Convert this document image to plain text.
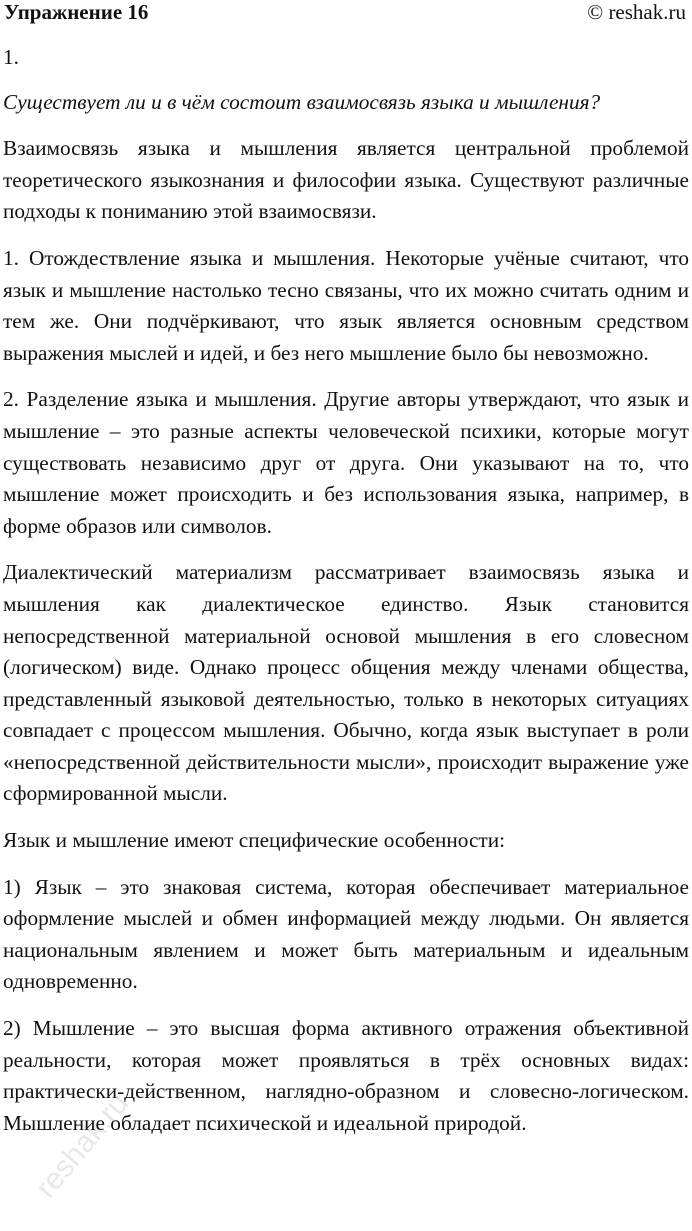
Упражнение 16	© reshak.ru

1.

Существует ли и в чём состоит взаимосвязь языка и мышления?

Взаимосвязь языка и мышления является центральной проблемой теоретического языкознания и философии языка. Существуют различные подходы к пониманию этой взаимосвязи.

1. Отождествление языка и мышления. Некоторые учёные считают, что язык и мышление настолько тесно связаны, что их можно считать одним и тем же. Они подчёркивают, что язык является основным средством выражения мыслей и идей, и без него мышление было бы невозможно.

2. Разделение языка и мышления. Другие авторы утверждают, что язык и мышление – это разные аспекты человеческой психики, которые могут существовать независимо друг от друга. Они указывают на то, что мышление может происходить и без использования языка, например, в форме образов или символов.

Диалектический материализм рассматривает взаимосвязь языка и мышления как диалектическое единство. Язык становится непосредственной материальной основой мышления в его словесном (логическом) виде. Однако процесс общения между членами общества, представленный языковой деятельностью, только в некоторых ситуациях совпадает с процессом мышления. Обычно, когда язык выступает в роли «непосредственной действительности мысли», происходит выражение уже сформированной мысли.

Язык и мышление имеют специфические особенности:

1) Язык – это знаковая система, которая обеспечивает материальное оформление мыслей и обмен информацией между людьми. Он является национальным явлением и может быть материальным и идеальным одновременно.

2) Мышление – это высшая форма активного отражения объективной реальности, которая может проявляться в трёх основных видах: практически-действенном, наглядно-образном и словесно-логическом. Мышление обладает психической и идеальной природой.

reshak.ru
